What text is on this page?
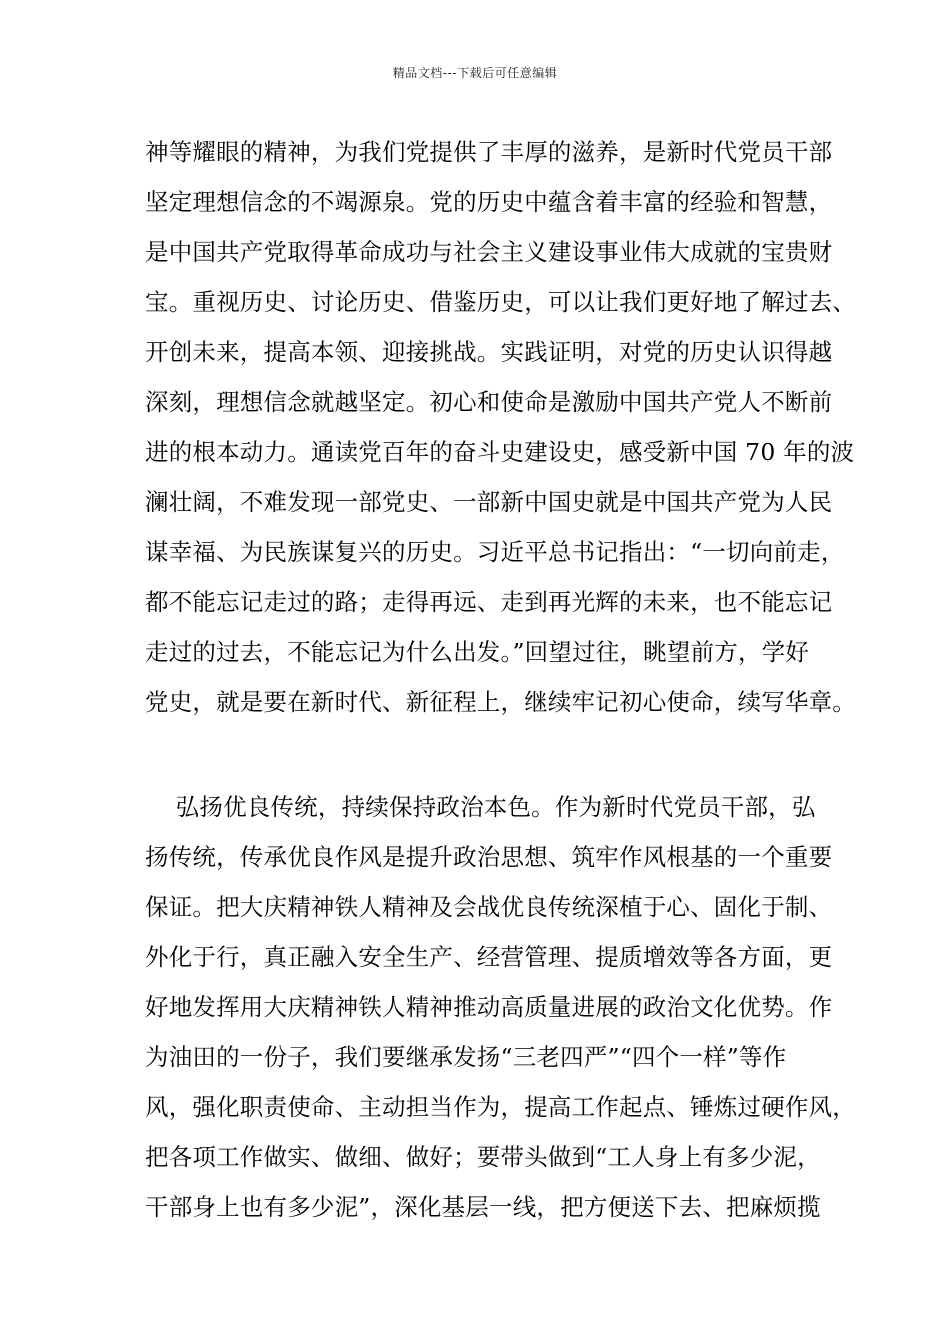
精品文档---下载后可任意编辑
神等耀眼的精神，为我们党提供了丰厚的滋养，是新时代党员干部
坚定理想信念的不竭源泉。党的历史中蕴含着丰富的经验和智慧，
是中国共产党取得革命成功与社会主义建设事业伟大成就的宝贵财
宝。重视历史、讨论历史、借鉴历史，可以让我们更好地了解过去、
开创未来，提高本领、迎接挑战。实践证明，对党的历史认识得越
深刻，理想信念就越坚定。初心和使命是激励中国共产党人不断前
进的根本动力。通读党百年的奋斗史建设史，感受新中国 70 年的波
澜壮阔，不难发现一部党史、一部新中国史就是中国共产党为人民
谋幸福、为民族谋复兴的历史。习近平总书记指出：“一切向前走，
都不能忘记走过的路；走得再远、走到再光辉的未来，也不能忘记
走过的过去，不能忘记为什么出发。”回望过往，眺望前方，学好
党史，就是要在新时代、新征程上，继续牢记初心使命，续写华章。
弘扬优良传统，持续保持政治本色。作为新时代党员干部，弘
扬传统，传承优良作风是提升政治思想、筑牢作风根基的一个重要
保证。把大庆精神铁人精神及会战优良传统深植于心、固化于制、
外化于行，真正融入安全生产、经营管理、提质增效等各方面，更
好地发挥用大庆精神铁人精神推动高质量进展的政治文化优势。作
为油田的一份子，我们要继承发扬“三老四严”“四个一样”等作
风，强化职责使命、主动担当作为，提高工作起点、锤炼过硬作风，
把各项工作做实、做细、做好；要带头做到“工人身上有多少泥，
干部身上也有多少泥”，深化基层一线，把方便送下去、把麻烦揽
